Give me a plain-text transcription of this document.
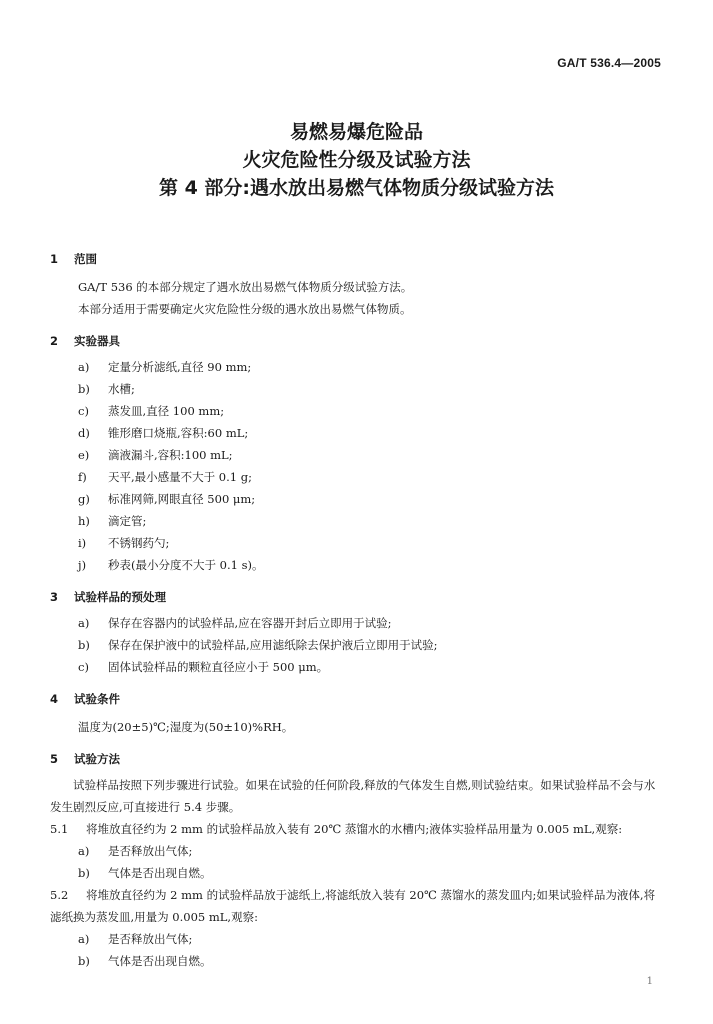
GA/T 536.4—2005
易燃易爆危险品
火灾危险性分级及试验方法
第 4 部分:遇水放出易燃气体物质分级试验方法
1 范围
GA/T 536 的本部分规定了遇水放出易燃气体物质分级试验方法。
本部分适用于需要确定火灾危险性分级的遇水放出易燃气体物质。
2 实验器具
a) 定量分析滤纸,直径 90 mm;
b) 水槽;
c) 蒸发皿,直径 100 mm;
d) 锥形磨口烧瓶,容积:60 mL;
e) 滴液漏斗,容积:100 mL;
f) 天平,最小感量不大于 0.1 g;
g) 标准网筛,网眼直径 500 μm;
h) 滴定管;
i) 不锈钢药勺;
j) 秒表(最小分度不大于 0.1 s)。
3 试验样品的预处理
a) 保存在容器内的试验样品,应在容器开封后立即用于试验;
b) 保存在保护液中的试验样品,应用滤纸除去保护液后立即用于试验;
c) 固体试验样品的颗粒直径应小于 500 μm。
4 试验条件
温度为(20±5)℃;湿度为(50±10)%RH。
5 试验方法
试验样品按照下列步骤进行试验。如果在试验的任何阶段,释放的气体发生自燃,则试验结束。如果试验样品不会与水发生剧烈反应,可直接进行 5.4 步骤。
5.1 将堆放直径约为 2 mm 的试验样品放入装有 20℃ 蒸馏水的水槽内;液体实验样品用量为 0.005 mL,观察:
a) 是否释放出气体;
b) 气体是否出现自燃。
5.2 将堆放直径约为 2 mm 的试验样品放于滤纸上,将滤纸放入装有 20℃ 蒸馏水的蒸发皿内;如果试验样品为液体,将滤纸换为蒸发皿,用量为 0.005 mL,观察:
a) 是否释放出气体;
b) 气体是否出现自燃。
1
